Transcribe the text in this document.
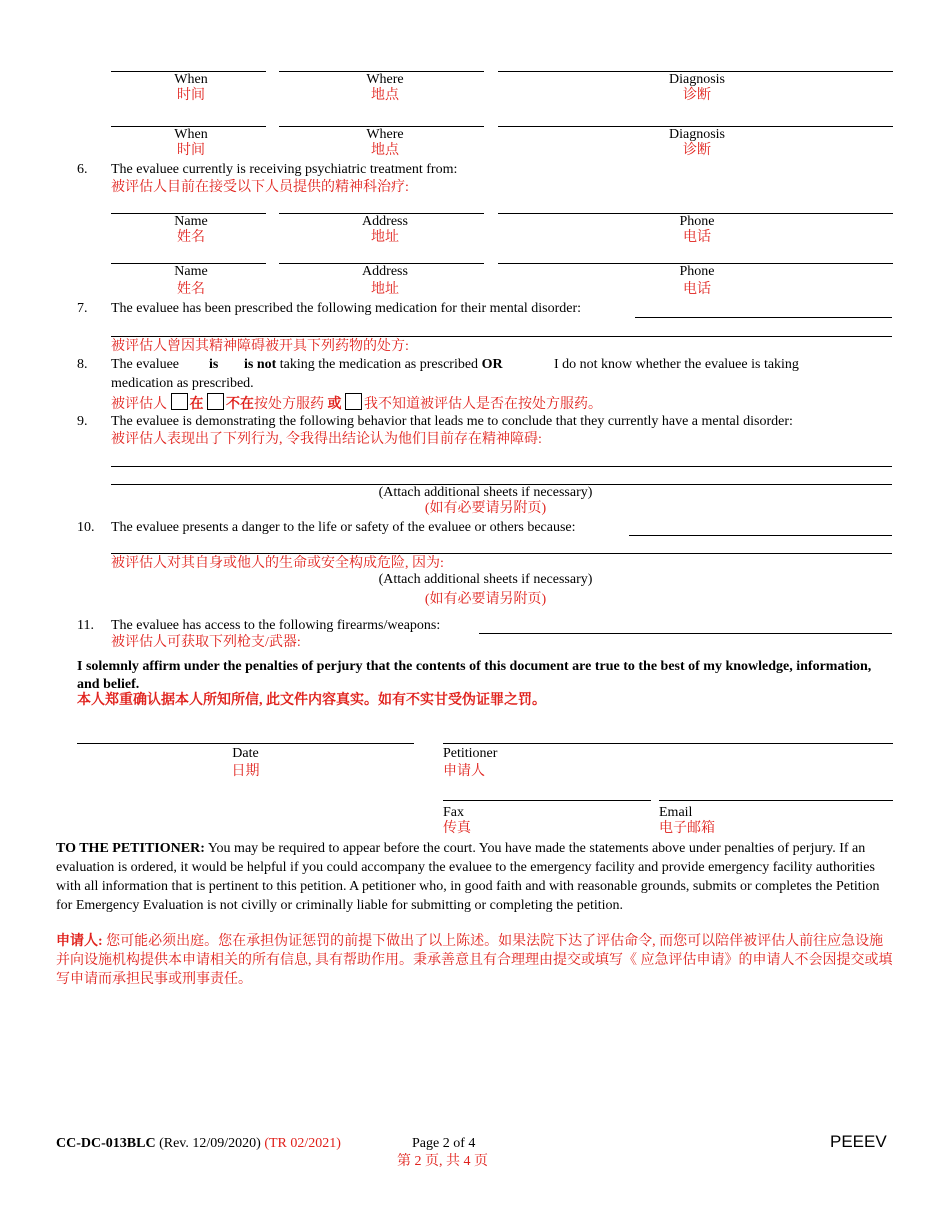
When
时间
Where
地点
Diagnosis
诊断
When
时间
Where
地点
Diagnosis
诊断
6. The evaluee currently is receiving psychiatric treatment from:
被评估人目前在接受以下人员提供的精神科治疗:
Name
姓名
Address
地址
Phone
电话
Name
姓名
Address
地址
Phone
电话
7. The evaluee has been prescribed the following medication for their mental disorder:
被评估人曾因其精神障碍被开具下列药物的处方:
8. The evaluee is is not taking the medication as prescribed OR	I do not know whether the evaluee is taking
medication as prescribed.
被评估人 在 不在按处方服药 或 我不知道被评估人是否在按处方服药。
9. The evaluee is demonstrating the following behavior that leads me to conclude that they currently have a mental disorder:
被评估人表现出了下列行为, 令我得出结论认为他们目前存在精神障碍:
(Attach additional sheets if necessary)
(如有必要请另附页)
10. The evaluee presents a danger to the life or safety of the evaluee or others because:
被评估人对其自身或他人的生命或安全构成危险, 因为:
(Attach additional sheets if necessary)
(如有必要请另附页)
11. The evaluee has access to the following firearms/weapons:
被评估人可获取下列枪支/武器:
I solemnly affirm under the penalties of perjury that the contents of this document are true to the best of my knowledge, information, and belief.
本人郑重确认据本人所知所信, 此文件内容真实。如有不实甘受伪证罪之罚。
Date
日期
Petitioner
申请人
Fax
传真
Email
电子邮箱
TO THE PETITIONER: You may be required to appear before the court. You have made the statements above under penalties of perjury. If an evaluation is ordered, it would be helpful if you could accompany the evaluee to the emergency facility and provide emergency facility authorities with all information that is pertinent to this petition. A petitioner who, in good faith and with reasonable grounds, submits or completes the Petition for Emergency Evaluation is not civilly or criminally liable for submitting or completing the petition.
申请人: 您可能必须出庭。您在承担伪证惩罚的前提下做出了以上陈述。如果法院下达了评估命令, 而您可以陪伴被评估人前往应急设施并向设施机构提供本申请相关的所有信息, 具有帮助作用。秉承善意且有合理理由提交或填写《 应急评估申请》的申请人不会因提交或填写申请而承担民事或刑事责任。
CC-DC-013BLC (Rev. 12/09/2020) (TR 02/2021)	Page 2 of 4
第 2 页, 共 4 页
PEEEV
